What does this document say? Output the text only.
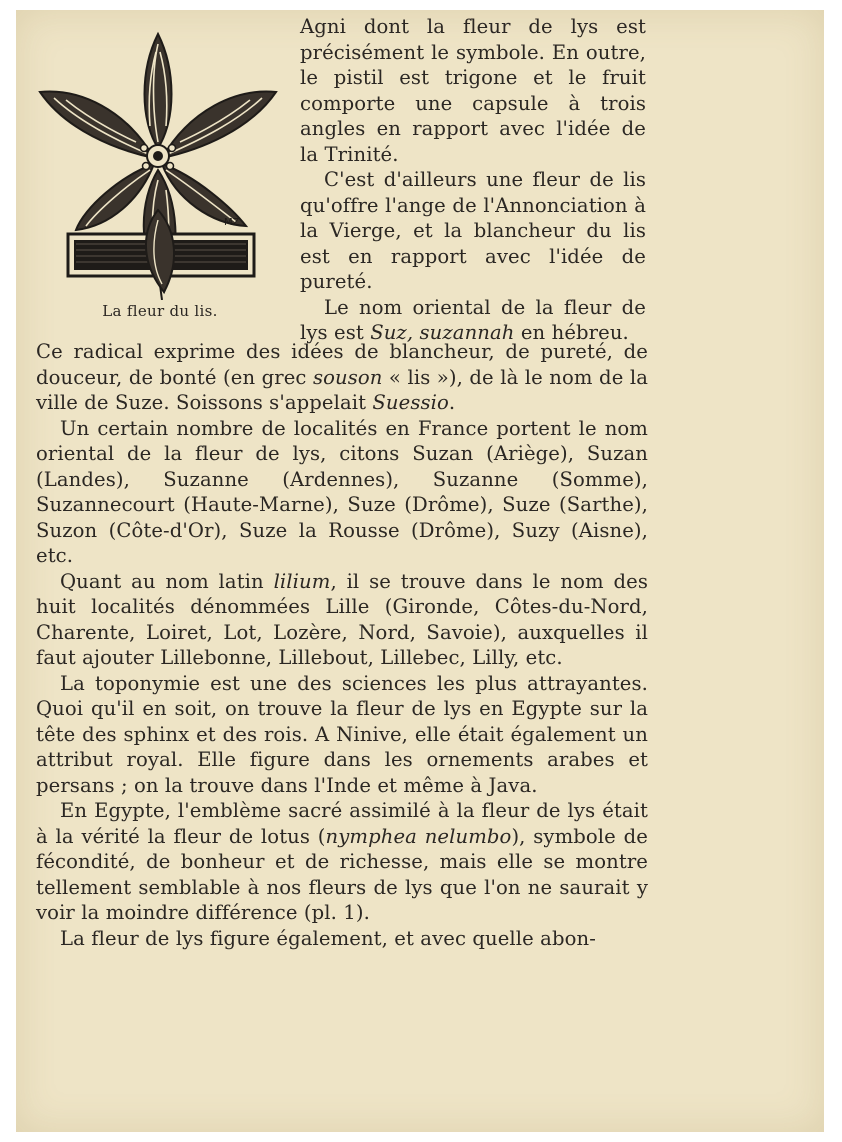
MZ
La fleur du lis.

Agni dont la fleur de lys est précisément le symbole. En outre, le pistil est trigone et le fruit comporte une capsule à trois angles en rapport avec l'idée de la Trinité.

C'est d'ailleurs une fleur de lis qu'offre l'ange de l'Annonciation à la Vierge, et la blancheur du lis est en rapport avec l'idée de pureté.

Le nom oriental de la fleur de lys est Suz, suzannah en hébreu.

Ce radical exprime des idées de blancheur, de pureté, de douceur, de bonté (en grec souson « lis »), de là le nom de la ville de Suze. Soissons s'appelait Suessio.

Un certain nombre de localités en France portent le nom oriental de la fleur de lys, citons Suzan (Ariège), Suzan (Landes), Suzanne (Ardennes), Suzanne (Somme), Suzannecourt (Haute-Marne), Suze (Drôme), Suze (Sarthe), Suzon (Côte-d'Or), Suze la Rousse (Drôme), Suzy (Aisne), etc.

Quant au nom latin lilium, il se trouve dans le nom des huit localités dénommées Lille (Gironde, Côtes-du-Nord, Charente, Loiret, Lot, Lozère, Nord, Savoie), auxquelles il faut ajouter Lillebonne, Lillebout, Lillebec, Lilly, etc.

La toponymie est une des sciences les plus attrayantes. Quoi qu'il en soit, on trouve la fleur de lys en Egypte sur la tête des sphinx et des rois. A Ninive, elle était également un attribut royal. Elle figure dans les ornements arabes et persans ; on la trouve dans l'Inde et même à Java.

En Egypte, l'emblème sacré assimilé à la fleur de lys était à la vérité la fleur de lotus (nymphea nelumbo), symbole de fécondité, de bonheur et de richesse, mais elle se montre tellement semblable à nos fleurs de lys que l'on ne saurait y voir la moindre différence (pl. 1).

La fleur de lys figure également, et avec quelle abon-
